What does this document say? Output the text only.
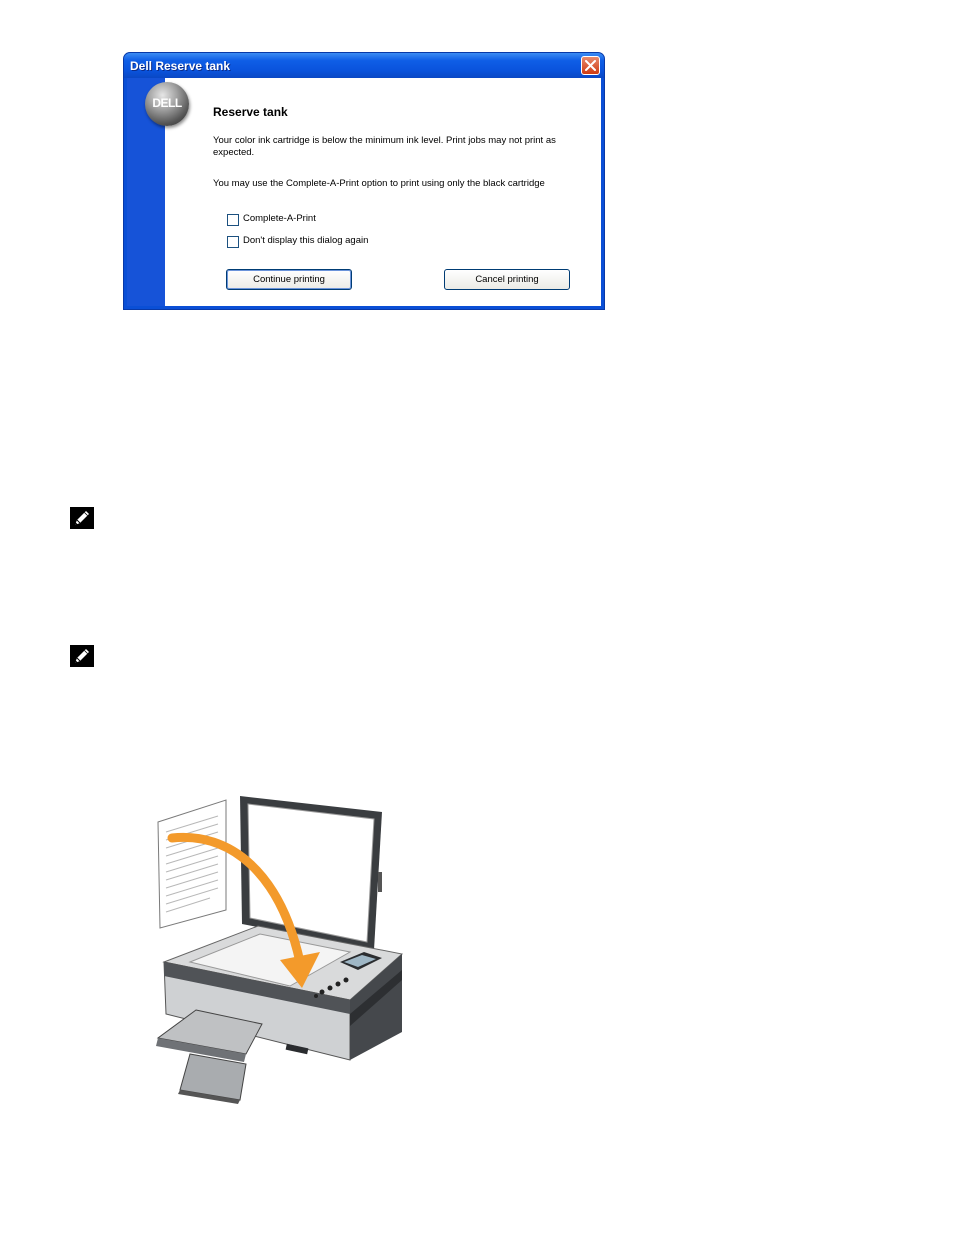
Dell Reserve tank
DELL
Reserve tank
Your color ink cartridge is below the minimum ink level. Print jobs may not print as expected.
You may use the Complete-A-Print option to print using only the black cartridge
Complete-A-Print
Don't display this dialog again
Continue printing	Cancel printing
